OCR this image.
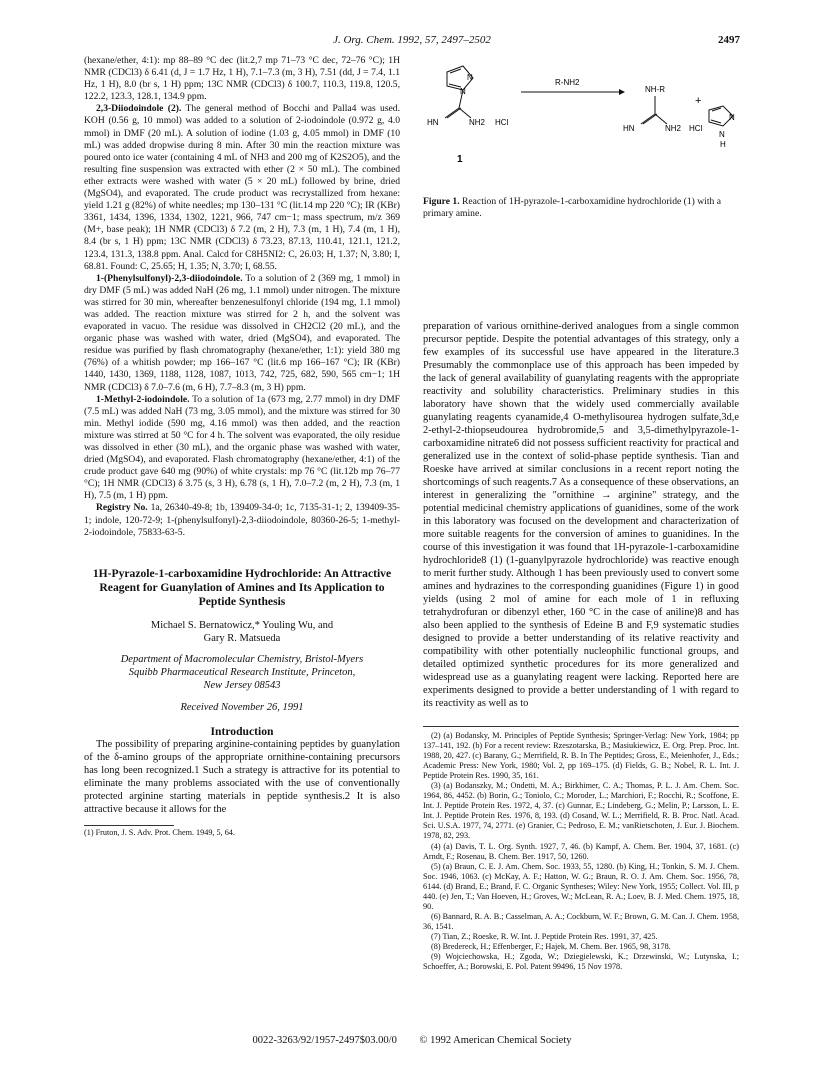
J. Org. Chem. 1992, 57, 2497–2502	2497

(hexane/ether, 4:1): mp 88–89 °C dec (lit.2,7 mp 71–73 °C dec, 72–76 °C); 1H NMR (CDCl3) δ 6.41 (d, J = 1.7 Hz, 1 H), 7.1–7.3 (m, 3 H), 7.51 (dd, J = 7.4, 1.1 Hz, 1 H), 8.0 (br s, 1 H) ppm; 13C NMR (CDCl3) δ 100.7, 110.3, 119.8, 120.5, 122.2, 123.3, 128.1, 134.9 ppm.

2,3-Diiodoindole (2). The general method of Bocchi and Palla4 was used. KOH (0.56 g, 10 mmol) was added to a solution of 2-iodoindole (0.972 g, 4.0 mmol) in DMF (20 mL). A solution of iodine (1.03 g, 4.05 mmol) in DMF (10 mL) was added dropwise during 8 min. After 30 min the reaction mixture was poured onto ice water (containing 4 mL of NH3 and 200 mg of K2S2O5), and the resulting fine suspension was extracted with ether (2 × 50 mL). The combined ether extracts were washed with water (5 × 20 mL) followed by brine, dried (MgSO4), and evaporated. The crude product was recrystallized from hexane: yield 1.21 g (82%) of white needles; mp 130–131 °C (lit.14 mp 220 °C); IR (KBr) 3361, 1434, 1396, 1334, 1302, 1221, 966, 747 cm−1; mass spectrum, m/z 369 (M+, base peak); 1H NMR (CDCl3) δ 7.2 (m, 2 H), 7.3 (m, 1 H), 7.4 (m, 1 H), 8.4 (br s, 1 H) ppm; 13C NMR (CDCl3) δ 73.23, 87.13, 110.41, 121.1, 121.2, 123.4, 131.3, 138.8 ppm. Anal. Calcd for C8H5NI2: C, 26.03; H, 1.37; N, 3.80; I, 68.81. Found: C, 25.65; H, 1.35; N, 3.70; I, 68.55.

1-(Phenylsulfonyl)-2,3-diiodoindole. To a solution of 2 (369 mg, 1 mmol) in dry DMF (5 mL) was added NaH (26 mg, 1.1 mmol) under nitrogen. The mixture was stirred for 30 min, whereafter benzenesulfonyl chloride (194 mg, 1.1 mmol) was added. The reaction mixture was stirred for 2 h, and the solvent was evaporated in vacuo. The residue was dissolved in CH2Cl2 (20 mL), and the organic phase was washed with water, dried (MgSO4), and evaporated. The residue was purified by flash chromatography (hexane/ether, 1:1): yield 380 mg (76%) of a whitish powder; mp 166–167 °C (lit.6 mp 166–167 °C); IR (KBr) 1440, 1430, 1369, 1188, 1128, 1087, 1013, 742, 725, 682, 590, 565 cm−1; 1H NMR (CDCl3) δ 7.0–7.6 (m, 6 H), 7.7–8.3 (m, 3 H) ppm.

1-Methyl-2-iodoindole. To a solution of 1a (673 mg, 2.77 mmol) in dry DMF (7.5 mL) was added NaH (73 mg, 3.05 mmol), and the mixture was stirred for 30 min. Methyl iodide (590 mg, 4.16 mmol) was then added, and the reaction mixture was stirred at 50 °C for 4 h. The solvent was evaporated, the oily residue was dissolved in ether (30 mL), and the organic phase was washed with water, dried (MgSO4), and evaporated. Flash chromatography (hexane/ether, 4:1) of the crude product gave 640 mg (90%) of white crystals: mp 76 °C (lit.12b mp 76–77 °C); 1H NMR (CDCl3) δ 3.75 (s, 3 H), 6.78 (s, 1 H), 7.0–7.2 (m, 2 H), 7.3 (m, 1 H), 7.5 (m, 1 H) ppm.

Registry No. 1a, 26340-49-8; 1b, 139409-34-0; 1c, 7135-31-1; 2, 139409-35-1; indole, 120-72-9; 1-(phenylsulfonyl)-2,3-diiodoindole, 80360-26-5; 1-methyl-2-iodoindole, 75833-63-5.

1H-Pyrazole-1-carboxamidine Hydrochloride: An Attractive Reagent for Guanylation of Amines and Its Application to Peptide Synthesis
Michael S. Bernatowicz,* Youling Wu, and
Gary R. Matsueda
Department of Macromolecular Chemistry, Bristol-Myers
Squibb Pharmaceutical Research Institute, Princeton,
New Jersey 08543
Received November 26, 1991
Introduction

The possibility of preparing arginine-containing peptides by guanylation of the δ-amino groups of the appropriate ornithine-containing precursors has long been recognized.1 Such a strategy is attractive for its potential to eliminate the many problems associated with the use of conventionally protected arginine starting materials in peptide synthesis.2 It is also attractive because it allows for the

(1) Fruton, J. S. Adv. Prot. Chem. 1949, 5, 64.
N
N
HN	NH2 HCl
R-NH2
NH-R
HN	NH2 HCl
+
N
N
H
1
Figure 1. Reaction of 1H-pyrazole-1-carboxamidine hydrochloride (1) with a primary amine.

preparation of various ornithine-derived analogues from a single common precursor peptide. Despite the potential advantages of this strategy, only a few examples of its successful use have appeared in the literature.3 Presumably the commonplace use of this approach has been impeded by the lack of general availability of guanylating reagents with the appropriate reactivity and solubility characteristics. Preliminary studies in this laboratory have shown that the widely used commercially available guanylating reagents cyanamide,4 O-methylisourea hydrogen sulfate,3d,e 2-ethyl-2-thiopseudourea hydrobromide,5 and 3,5-dimethylpyrazole-1-carboxamidine nitrate6 did not possess sufficient reactivity for practical and generalized use in the context of solid-phase peptide synthesis. Tian and Roeske have arrived at similar conclusions in a recent report noting the shortcomings of such reagents.7 As a consequence of these observations, an interest in generalizing the "ornithine → arginine" strategy, and the potential medicinal chemistry applications of guanidines, some of the work in this laboratory was focused on the development and characterization of more suitable reagents for the conversion of amines to guanidines. In the course of this investigation it was found that 1H-pyrazole-1-carboxamidine hydrochloride8 (1) (1-guanylpyrazole hydrochloride) was reactive enough to merit further study. Although 1 has been previously used to convert some amines and hydrazines to the corresponding guanidines (Figure 1) in good yields (using 2 mol of amine for each mole of 1 in refluxing tetrahydrofuran or dibenzyl ether, 160 °C in the case of aniline)8 and has also been applied to the synthesis of Edeine B and F,9 systematic studies designed to provide a better understanding of its relative reactivity and compatibility with other potentially nucleophilic functional groups, and detailed optimized synthetic procedures for its more generalized and widespread use as a guanylating reagent were lacking. Reported here are experiments designed to provide a better understanding of 1 with regard to its reactivity as well as to

(2) (a) Bodansky, M. Principles of Peptide Synthesis; Springer-Verlag: New York, 1984; pp 137–141, 192. (b) For a recent review: Rzeszotarska, B.; Masiukiewicz, E. Org. Prep. Proc. Int. 1988, 20, 427. (c) Barany, G.; Merrifield, R. B. In The Peptides; Gross, E., Meienhofer, J., Eds.; Academic Press: New York, 1980; Vol. 2, pp 169–175. (d) Fields, G. B.; Nobel, R. L. Int. J. Peptide Protein Res. 1990, 35, 161.

(3) (a) Bodanszky, M.; Ondetti, M. A.; Birkhimer, C. A.; Thomas, P. L. J. Am. Chem. Soc. 1964, 86, 4452. (b) Borin, G.; Toniolo, C.; Moroder, L.; Marchiori, F.; Rocchi, R.; Scoffone, E. Int. J. Peptide Protein Res. 1972, 4, 37. (c) Gunnar, E.; Lindeberg, G.; Melin, P.; Larsson, L. E. Int. J. Peptide Protein Res. 1976, 8, 193. (d) Cosand, W. L.; Merrifield, R. B. Proc. Natl. Acad. Sci. U.S.A. 1977, 74, 2771. (e) Granier, C.; Pedroso, E. M.; vanRietschoten, J. Eur. J. Biochem. 1978, 82, 293.

(4) (a) Davis, T. L. Org. Synth. 1927, 7, 46. (b) Kampf, A. Chem. Ber. 1904, 37, 1681. (c) Arndt, F.; Rosenau, B. Chem. Ber. 1917, 50, 1260.

(5) (a) Braun, C. E. J. Am. Chem. Soc. 1933, 55, 1280. (b) King, H.; Tonkin, S. M. J. Chem. Soc. 1946, 1063. (c) McKay, A. F.; Hatton, W. G.; Braun, R. O. J. Am. Chem. Soc. 1956, 78, 6144. (d) Brand, E.; Brand, F. C. Organic Syntheses; Wiley: New York, 1955; Collect. Vol. III, p 440. (e) Jen, T.; Van Hoeven, H.; Groves, W.; McLean, R. A.; Loev, B. J. Med. Chem. 1975, 18, 90.

(6) Bannard, R. A. B.; Casselman, A. A.; Cockburn, W. F.; Brown, G. M. Can. J. Chem. 1958, 36, 1541.

(7) Tian, Z.; Roeske, R. W. Int. J. Peptide Protein Res. 1991, 37, 425.

(8) Bredereck, H.; Effenberger, F.; Hajek, M. Chem. Ber. 1965, 98, 3178.

(9) Wojciechowska, H.; Zgoda, W.; Dziegielewski, K.; Drzewinski, W.; Lutynska, I.; Schoeffer, A.; Borowski, E. Pol. Patent 99496, 15 Nov 1978.

0022-3263/92/1957-2497$03.00/0 © 1992 American Chemical Society
